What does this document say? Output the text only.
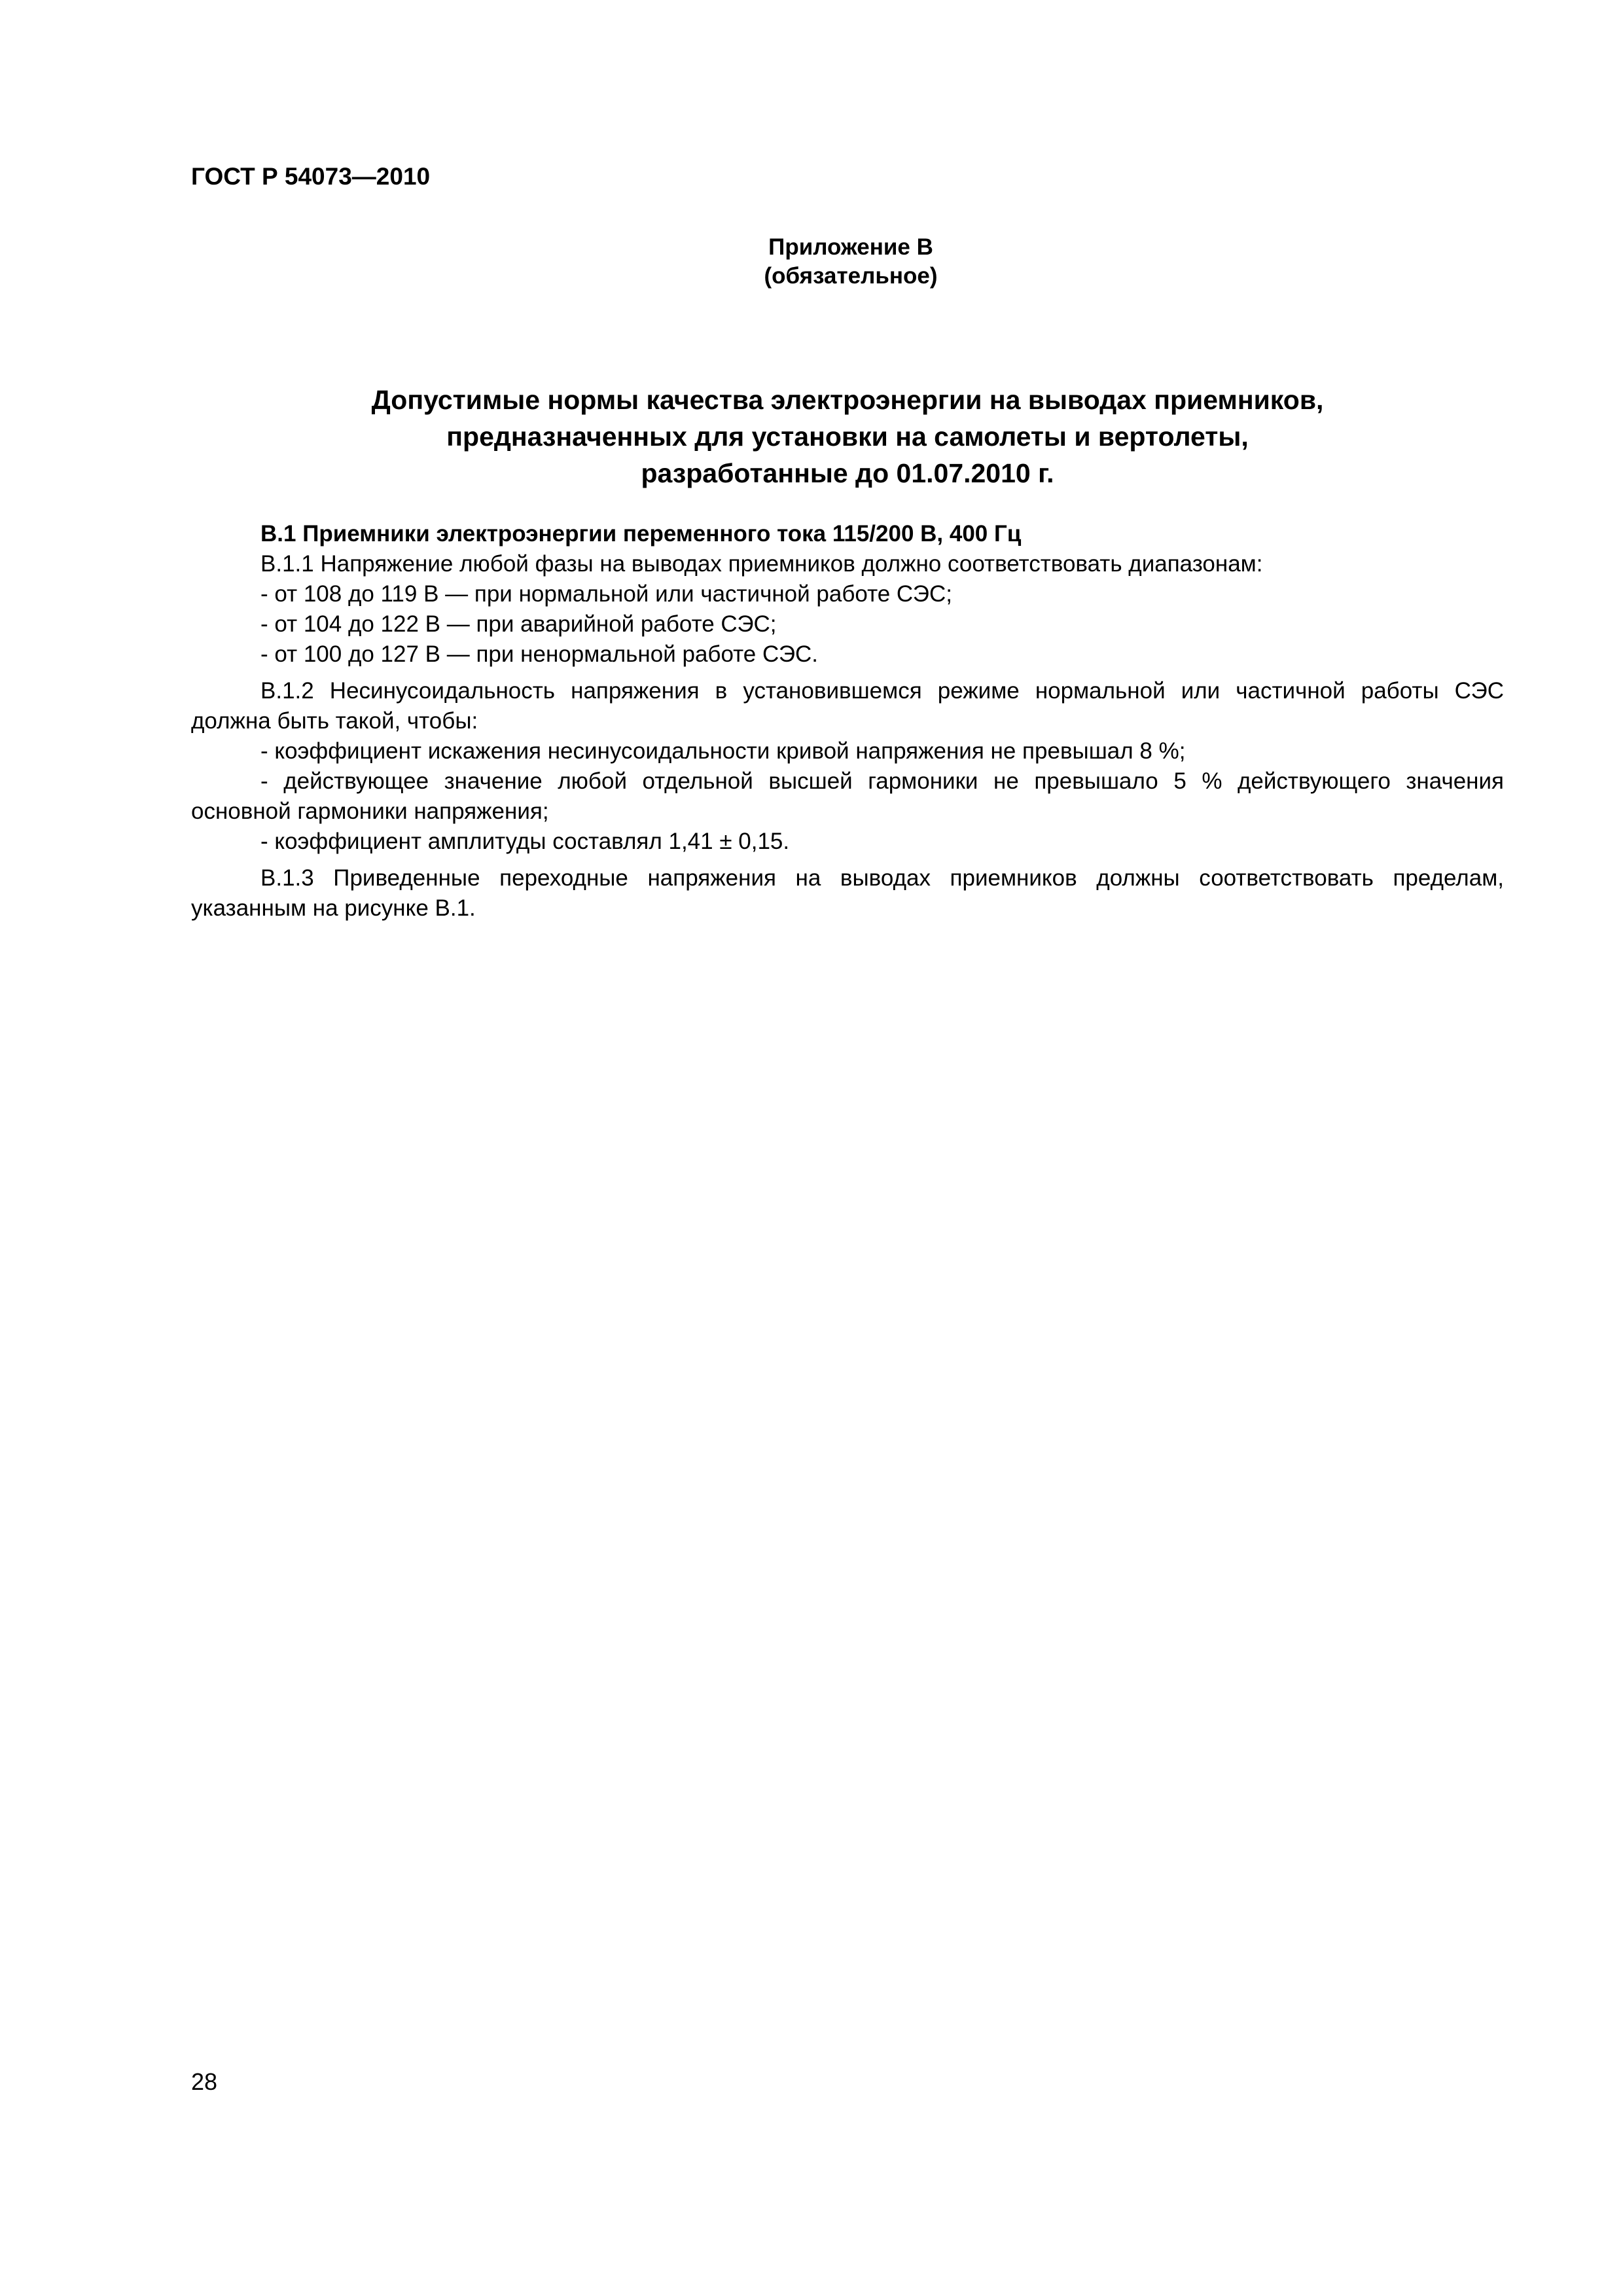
ГОСТ Р 54073—2010
Приложение В
(обязательное)
Допустимые нормы качества электроэнергии на выводах приемников,
предназначенных для установки на самолеты и вертолеты,
разработанные до 01.07.2010 г.
В.1 Приемники электроэнергии переменного тока 115/200 В, 400 Гц
В.1.1 Напряжение любой фазы на выводах приемников должно соответствовать диапазонам:
- от 108 до 119 В — при нормальной или частичной работе СЭС;
- от 104 до 122 В — при аварийной работе СЭС;
- от 100 до 127 В — при ненормальной работе СЭС.
В.1.2 Несинусоидальность напряжения в установившемся режиме нормальной или частичной работы СЭС
должна быть такой, чтобы:
- коэффициент искажения несинусоидальности кривой напряжения не превышал 8 %;
- действующее значение любой отдельной высшей гармоники не превышало 5 % действующего значения
основной гармоники напряжения;
- коэффициент амплитуды составлял 1,41 ± 0,15.
В.1.3 Приведенные переходные напряжения на выводах приемников должны соответствовать пределам,
указанным на рисунке В.1.
28
